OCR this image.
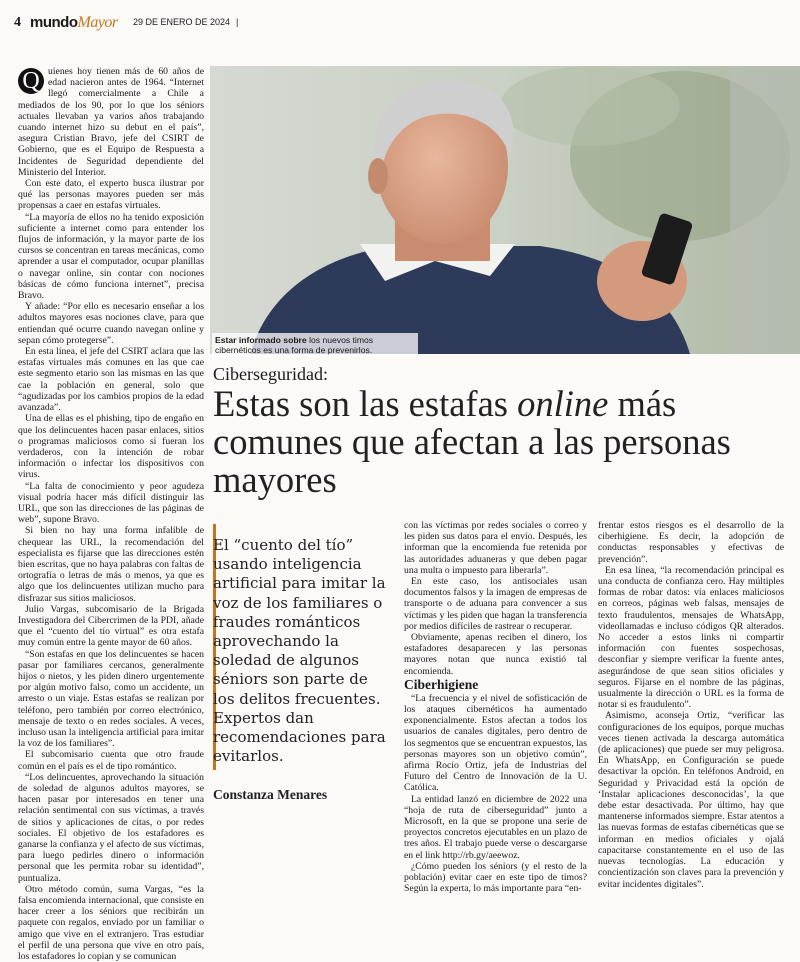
4 mundoMayor 29 DE ENERO DE 2024 |
Q uienes hoy tienen más de 60 años de edad nacieron antes de 1964. “Internet llegó comercialmente a Chile a mediados de los 90, por lo que los séniors actuales llevaban ya varios años trabajando cuando internet hizo su debut en el país”, asegura Cristian Bravo, jefe del CSIRT de Gobierno, que es el Equipo de Respuesta a Incidentes de Seguridad dependiente del Ministerio del Interior.

Con este dato, el experto busca ilustrar por qué las personas mayores pueden ser más propensas a caer en estafas virtuales.

“La mayoría de ellos no ha tenido exposición suficiente a internet como para entender los flujos de información, y la mayor parte de los cursos se concentran en tareas mecánicas, como aprender a usar el computador, ocupar planillas o navegar online, sin contar con nociones básicas de cómo funciona internet”, precisa Bravo.

Y añade: “Por ello es necesario enseñar a los adultos mayores esas nociones clave, para que entiendan qué ocurre cuando navegan online y sepan cómo protegerse”.

En esta línea, el jefe del CSIRT aclara que las estafas virtuales más comunes en las que cae este segmento etario son las mismas en las que cae la población en general, solo que “agudizadas por los cambios propios de la edad avanzada”.

Una de ellas es el phishing, tipo de engaño en que los delincuentes hacen pasar enlaces, sitios o programas maliciosos como si fueran los verdaderos, con la intención de robar información o infectar los dispositivos con virus.

“La falta de conocimiento y peor agudeza visual podría hacer más difícil distinguir las URL, que son las direcciones de las páginas de web”, supone Bravo.

Si bien no hay una forma infalible de chequear las URL, la recomendación del especialista es fijarse que las direcciones estén bien escritas, que no haya palabras con faltas de ortografía o letras de más o menos, ya que es algo que los delincuentes utilizan mucho para disfrazar sus sitios maliciosos.

Julio Vargas, subcomisario de la Brigada Investigadora del Cibercrimen de la PDI, añade que el “cuento del tío virtual” es otra estafa muy común entre la gente mayor de 60 años.

“Son estafas en que los delincuentes se hacen pasar por familiares cercanos, generalmente hijos o nietos, y les piden dinero urgentemente por algún motivo falso, como un accidente, un arresto o un viaje. Estas estafas se realizan por teléfono, pero también por correo electrónico, mensaje de texto o en redes sociales. A veces, incluso usan la inteligencia artificial para imitar la voz de los familiares”.

El subcomisario cuenta que otro fraude común en el país es el de tipo romántico.

“Los delincuentes, aprovechando la situación de soledad de algunos adultos mayores, se hacen pasar por interesados en tener una relación sentimental con sus víctimas, a través de sitios y aplicaciones de citas, o por redes sociales. El objetivo de los estafadores es ganarse la confianza y el afecto de sus víctimas, para luego pedirles dinero o información personal que les permita robar su identidad”, puntualiza.

Otro método común, suma Vargas, “es la falsa encomienda internacional, que consiste en hacer creer a los séniors que recibirán un paquete con regalos, enviado por un familiar o amigo que vive en el extranjero. Tras estudiar el perfil de una persona que vive en otro país, los estafadores lo copian y se comunican

Estar informado sobre los nuevos timos cibernéticos es una forma de prevenirlos.
Ciberseguridad:
Estas son las estafas online más comunes que afectan a las personas mayores
El “cuento del tío” usando inteligencia artificial para imitar la voz de los familiares o fraudes románticos aprovechando la soledad de algunos séniors son parte de los delitos frecuentes. Expertos dan recomendaciones para evitarlos.
Constanza Menares

con las víctimas por redes sociales o correo y les piden sus datos para el envío. Después, les informan que la encomienda fue retenida por las autoridades aduaneras y que deben pagar una multa o impuesto para liberarla”.

En este caso, los antisociales usan documentos falsos y la imagen de empresas de transporte o de aduana para convencer a sus víctimas y les piden que hagan la transferencia por medios difíciles de rastrear o recuperar.

Obviamente, apenas reciben el dinero, los estafadores desaparecen y las personas mayores notan que nunca existió tal encomienda.

Ciberhigiene

“La frecuencia y el nivel de sofisticación de los ataques cibernéticos ha aumentado exponencialmente. Estos afectan a todos los usuarios de canales digitales, pero dentro de los segmentos que se encuentran expuestos, las personas mayores son un objetivo común”, afirma Rocío Ortiz, jefa de Industrias del Futuro del Centro de Innovación de la U. Católica.

La entidad lanzó en diciembre de 2022 una “hoja de ruta de ciberseguridad” junto a Microsoft, en la que se propone una serie de proyectos concretos ejecutables en un plazo de tres años. El trabajo puede verse o descargarse en el link http://rb.gy/aeewoz.

¿Cómo pueden los séniors (y el resto de la población) evitar caer en este tipo de timos? Según la experta, lo más importante para “en-

frentar estos riesgos es el desarrollo de la ciberhigiene. Es decir, la adopción de conductas responsables y efectivas de prevención”.

En esa línea, “la recomendación principal es una conducta de confianza cero. Hay múltiples formas de robar datos: vía enlaces maliciosos en correos, páginas web falsas, mensajes de texto fraudulentos, mensajes de WhatsApp, videollamadas e incluso códigos QR alterados. No acceder a estos links ni compartir información con fuentes sospechosas, desconfiar y siempre verificar la fuente antes, asegurándose de que sean sitios oficiales y seguros. Fijarse en el nombre de las páginas, usualmente la dirección o URL es la forma de notar si es fraudulento”.

Asimismo, aconseja Ortiz, “verificar las configuraciones de los equipos, porque muchas veces tienen activada la descarga automática (de aplicaciones) que puede ser muy peligrosa. En WhatsApp, en Configuración se puede desactivar la opción. En teléfonos Android, en Seguridad y Privacidad está la opción de ‘Instalar aplicaciones desconocidas’, la que debe estar desactivada. Por último, hay que mantenerse informados siempre. Estar atentos a las nuevas formas de estafas cibernéticas que se informan en medios oficiales y ojalá capacitarse constantemente en el uso de las nuevas tecnologías. La educación y concientización son claves para la prevención y evitar incidentes digitales”.
